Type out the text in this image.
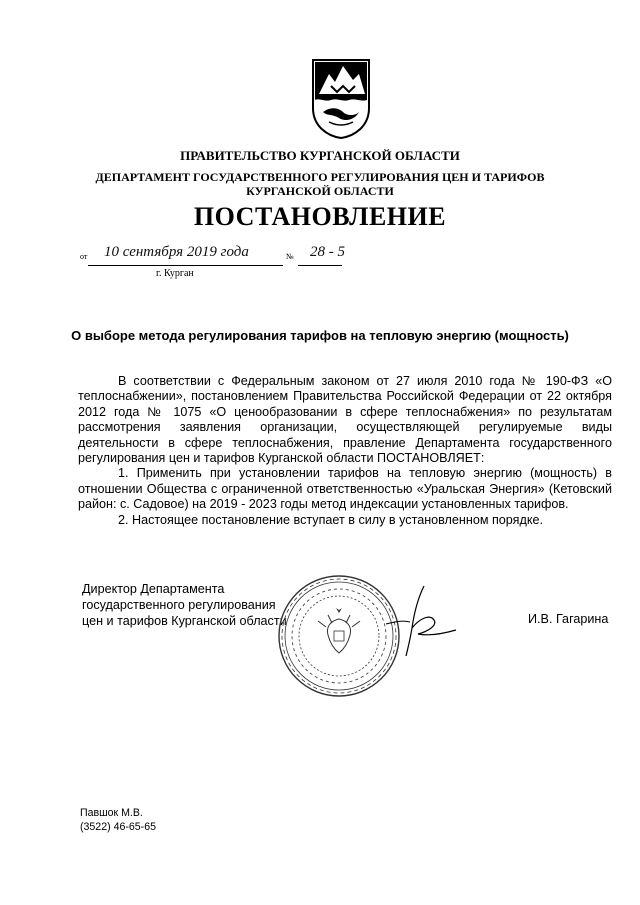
ПРАВИТЕЛЬСТВО КУРГАНСКОЙ ОБЛАСТИ
ДЕПАРТАМЕНТ ГОСУДАРСТВЕННОГО РЕГУЛИРОВАНИЯ ЦЕН И ТАРИФОВ
КУРГАНСКОЙ ОБЛАСТИ
ПОСТАНОВЛЕНИЕ
от 10 сентября 2019 года	№ 28 - 5
г. Курган
О выборе метода регулирования тарифов на тепловую энергию (мощность)

В соответствии с Федеральным законом от 27 июля 2010 года № 190-ФЗ «О теплоснабжении», постановлением Правительства Российской Федерации от 22 октября 2012 года № 1075 «О ценообразовании в сфере теплоснабжения» по результатам рассмотрения заявления организации, осуществляющей регулируемые виды деятельности в сфере теплоснабжения, правление Департамента государственного регулирования цен и тарифов Курганской области ПОСТАНОВЛЯЕТ:

1. Применить при установлении тарифов на тепловую энергию (мощность) в отношении Общества с ограниченной ответственностью «Уральская Энергия» (Кетовский район: с. Садовое) на 2019 - 2023 годы метод индексации установленных тарифов.

2. Настоящее постановление вступает в силу в установленном порядке.

Директор Департамента
государственного регулирования
цен и тарифов Курганской области	И.В. Гагарина
Павшок М.В.
(3522) 46-65-65
